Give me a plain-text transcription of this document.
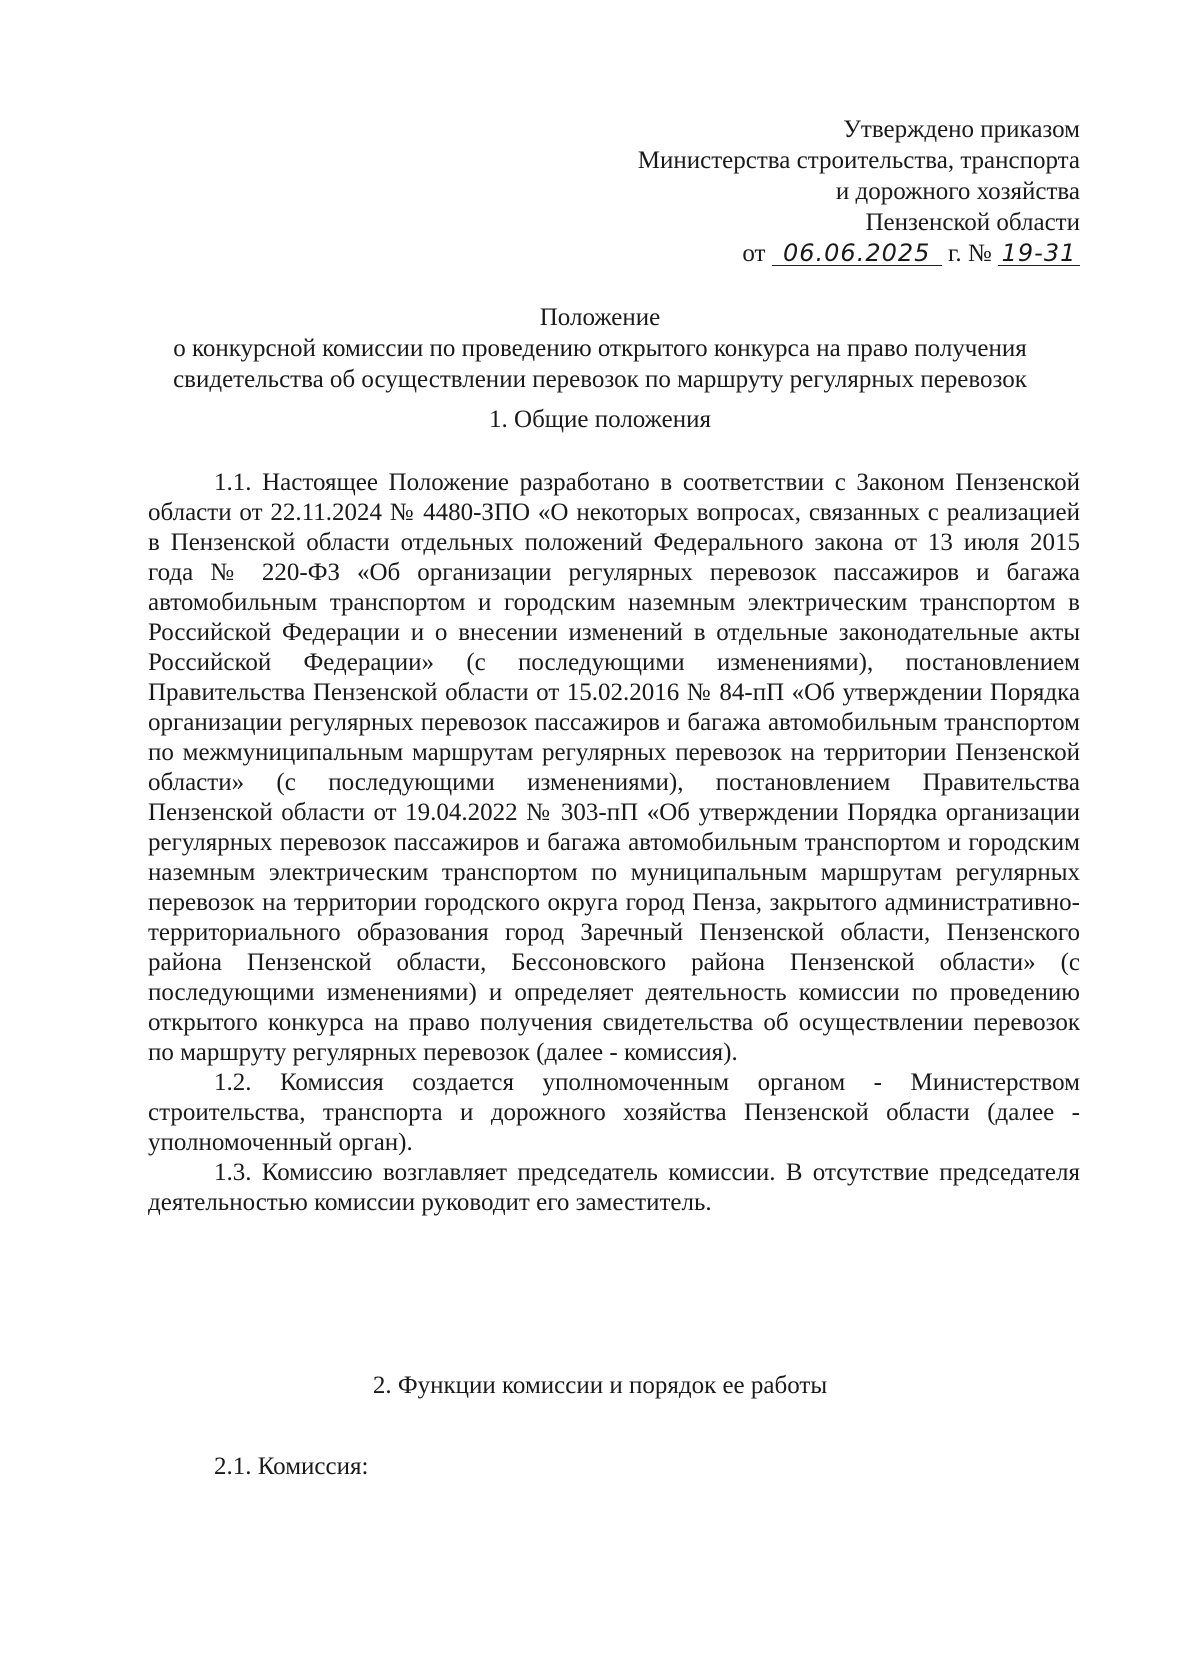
Утверждено приказом
Министерства строительства, транспорта
и дорожного хозяйства
Пензенской области
от 06.06.2025 г. № 19-31
Положение
о конкурсной комиссии по проведению открытого конкурса на право получения
свидетельства об осуществлении перевозок по маршруту регулярных перевозок
1. Общие положения

1.1. Настоящее Положение разработано в соответствии с Законом Пензенской области от 22.11.2024 № 4480-ЗПО «О некоторых вопросах, связанных с реализацией в Пензенской области отдельных положений Федерального закона от 13 июля 2015 года № 220-ФЗ «Об организации регулярных перевозок пассажиров и багажа автомобильным транспортом и городским наземным электрическим транспортом в Российской Федерации и о внесении изменений в отдельные законодательные акты Российской Федерации» (с последующими изменениями), постановлением Правительства Пензенской области от 15.02.2016 № 84-пП «Об утверждении Порядка организации регулярных перевозок пассажиров и багажа автомобильным транспортом по межмуниципальным маршрутам регулярных перевозок на территории Пензенской области» (с последующими изменениями), постановлением Правительства Пензенской области от 19.04.2022 № 303-пП «Об утверждении Порядка организации регулярных перевозок пассажиров и багажа автомобильным транспортом и городским наземным электрическим транспортом по муниципальным маршрутам регулярных перевозок на территории городского округа город Пенза, закрытого административно-территориального образования город Заречный Пензенской области, Пензенского района Пензенской области, Бессоновского района Пензенской области» (с последующими изменениями) и определяет деятельность комиссии по проведению открытого конкурса на право получения свидетельства об осуществлении перевозок по маршруту регулярных перевозок (далее - комиссия).

1.2. Комиссия создается уполномоченным органом - Министерством строительства, транспорта и дорожного хозяйства Пензенской области (далее - уполномоченный орган).

1.3. Комиссию возглавляет председатель комиссии. В отсутствие председателя деятельностью комиссии руководит его заместитель.

2. Функции комиссии и порядок ее работы
2.1. Комиссия:
